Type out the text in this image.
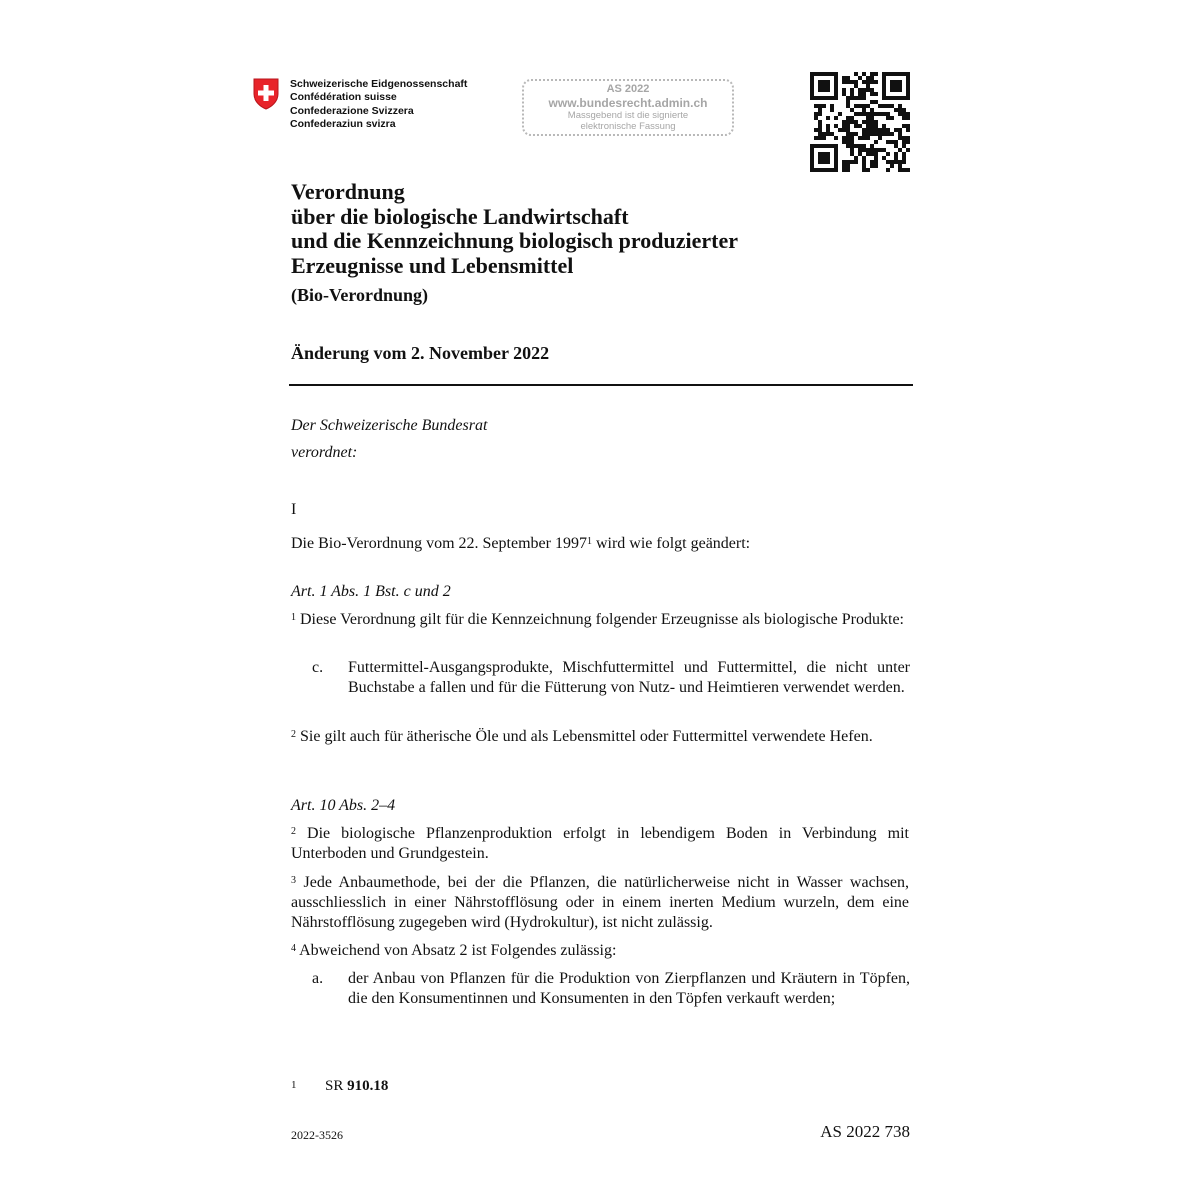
Schweizerische Eidgenossenschaft
Confédération suisse
Confederazione Svizzera
Confederaziun svizra
AS 2022
www.bundesrecht.admin.ch
Massgebend ist die signierte
elektronische Fassung
Verordnung
über die biologische Landwirtschaft
und die Kennzeichnung biologisch produzierter
Erzeugnisse und Lebensmittel
(Bio-Verordnung)
Änderung vom 2. November 2022
Der Schweizerische Bundesrat
verordnet:
I
Die Bio-Verordnung vom 22. September 1997$^1$ wird wie folgt geändert:
Art. 1 Abs. 1 Bst. c und 2
$^1$ Diese Verordnung gilt für die Kennzeichnung folgender Erzeugnisse als biologische Produkte:
c.	Futtermittel-Ausgangsprodukte, Mischfuttermittel und Futtermittel, die nicht unter Buchstabe a fallen und für die Fütterung von Nutz- und Heimtieren verwendet werden.
$^2$ Sie gilt auch für ätherische Öle und als Lebensmittel oder Futtermittel verwendete Hefen.
Art. 10 Abs. 2–4
$^2$ Die biologische Pflanzenproduktion erfolgt in lebendigem Boden in Verbindung mit Unterboden und Grundgestein.
$^3$ Jede Anbaumethode, bei der die Pflanzen, die natürlicherweise nicht in Wasser wachsen, ausschliesslich in einer Nährstofflösung oder in einem inerten Medium wurzeln, dem eine Nährstofflösung zugegeben wird (Hydrokultur), ist nicht zulässig.
$^4$ Abweichend von Absatz 2 ist Folgendes zulässig:
a.	der Anbau von Pflanzen für die Produktion von Zierpflanzen und Kräutern in Töpfen, die den Konsumentinnen und Konsumenten in den Töpfen verkauft werden;
1 SR 910.18
2022-3526	AS 2022 738
